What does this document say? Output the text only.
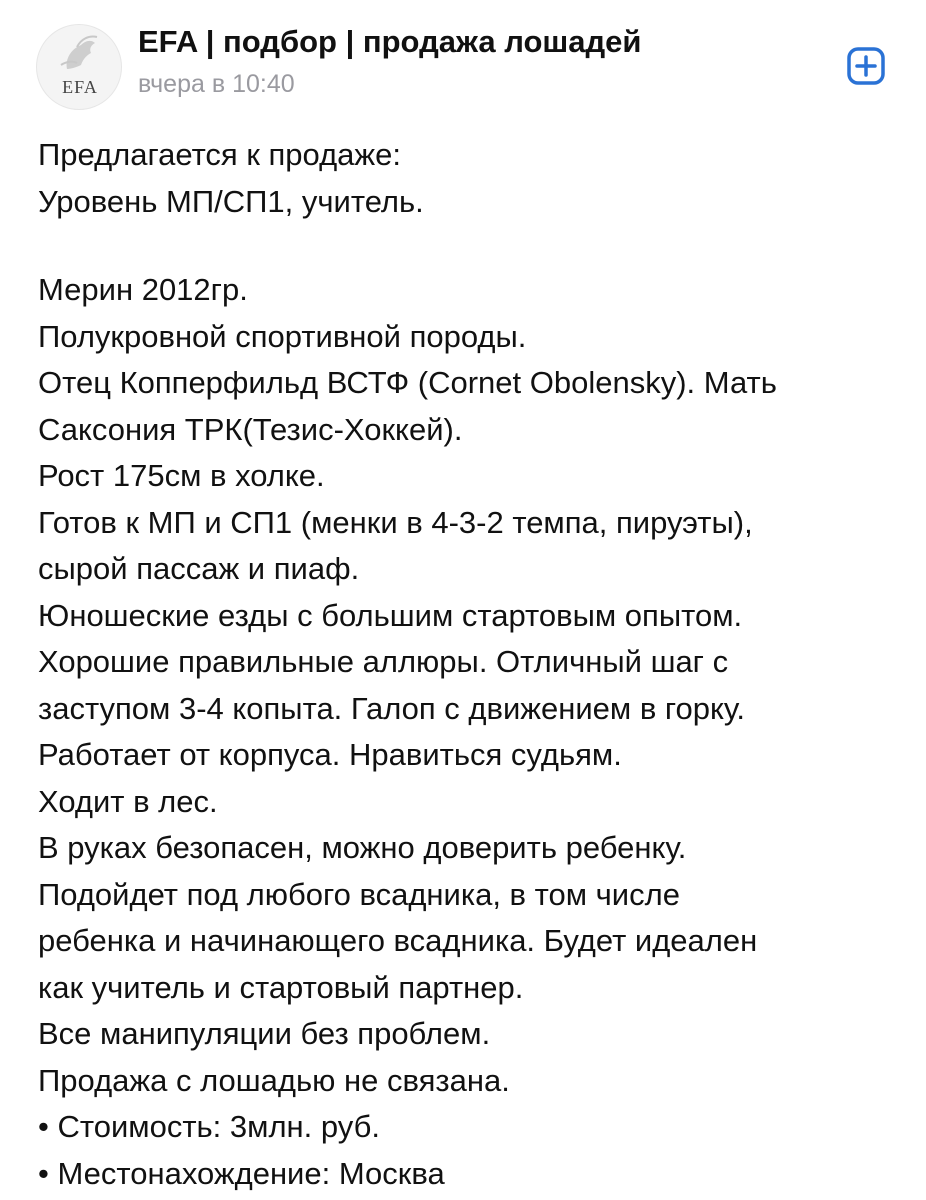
EFA
EFA | подбор | продажа лошадей
вчера в 10:40
Предлагается к продаже:
Уровень МП/СП1, учитель.
Мерин 2012гр.
Полукровной спортивной породы.
Отец Копперфильд ВСТФ (Cornet Obolensky). Мать
Саксония ТРК(Тезис-Хоккей).
Рост 175см в холке.
Готов к МП и СП1 (менки в 4-3-2 темпа, пируэты),
сырой пассаж и пиаф.
Юношеские езды с большим стартовым опытом.
Хорошие правильные аллюры. Отличный шаг с
заступом 3-4 копыта. Галоп с движением в горку.
Работает от корпуса. Нравиться судьям.
Ходит в лес.
В руках безопасен, можно доверить ребенку.
Подойдет под любого всадника, в том числе
ребенка и начинающего всадника. Будет идеален
как учитель и стартовый партнер.
Все манипуляции без проблем.
Продажа с лошадью не связана.
• Стоимость: 3млн. руб.
• Местонахождение: Москва
